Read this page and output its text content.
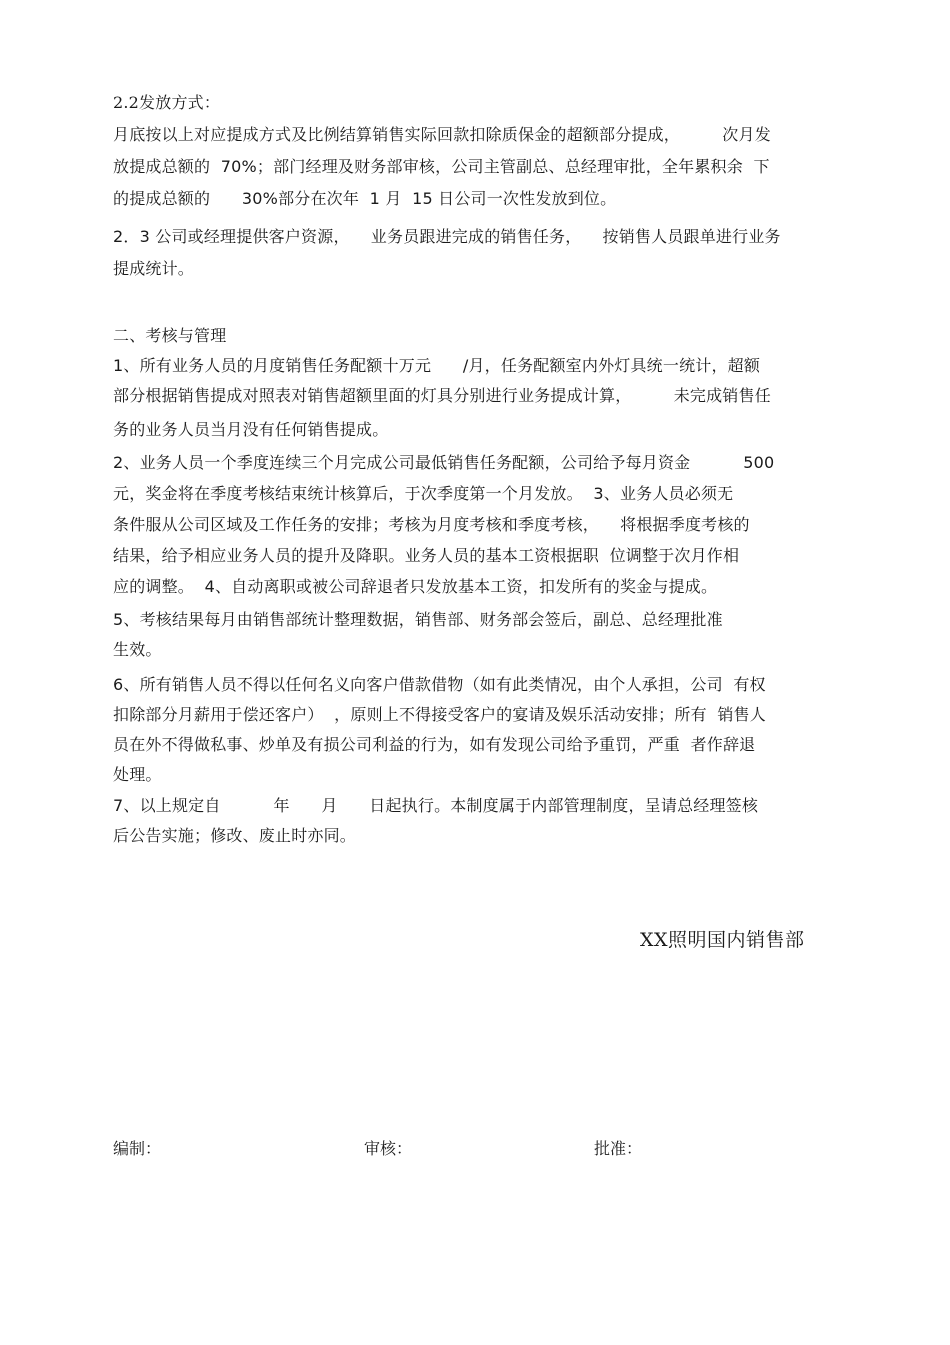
2.2发放方式：

月底按以上对应提成方式及比例结算销售实际回款扣除质保金的超额部分提成，        次月发

放提成总额的  70%；部门经理及财务部审核，公司主管副总、总经理审批，全年累积余  下

的提成总额的      30%部分在次年  1 月  15 日公司一次性发放到位。

2．3 公司或经理提供客户资源，    业务员跟进完成的销售任务，    按销售人员跟单进行业务

提成统计。

二、考核与管理

1、所有业务人员的月度销售任务配额十万元      /月，任务配额室内外灯具统一统计，超额

部分根据销售提成对照表对销售超额里面的灯具分别进行业务提成计算，        未完成销售任

务的业务人员当月没有任何销售提成。

2、业务人员一个季度连续三个月完成公司最低销售任务配额，公司给予每月资金          500

元，奖金将在季度考核结束统计核算后，于次季度第一个月发放。  3、业务人员必须无

条件服从公司区域及工作任务的安排；考核为月度考核和季度考核，    将根据季度考核的

结果，给予相应业务人员的提升及降职。业务人员的基本工资根据职  位调整于次月作相

应的调整。  4、自动离职或被公司辞退者只发放基本工资，扣发所有的奖金与提成。

5、考核结果每月由销售部统计整理数据，销售部、财务部会签后，副总、总经理批准

生效。

6、所有销售人员不得以任何名义向客户借款借物（如有此类情况，由个人承担，公司  有权

扣除部分月薪用于偿还客户）  ，原则上不得接受客户的宴请及娱乐活动安排；所有  销售人

员在外不得做私事、炒单及有损公司利益的行为，如有发现公司给予重罚，严重  者作辞退

处理。

7、以上规定自          年      月      日起执行。本制度属于内部管理制度，呈请总经理签核

后公告实施；修改、废止时亦同。

XX照明国内销售部
编制：	审核：	批准：
